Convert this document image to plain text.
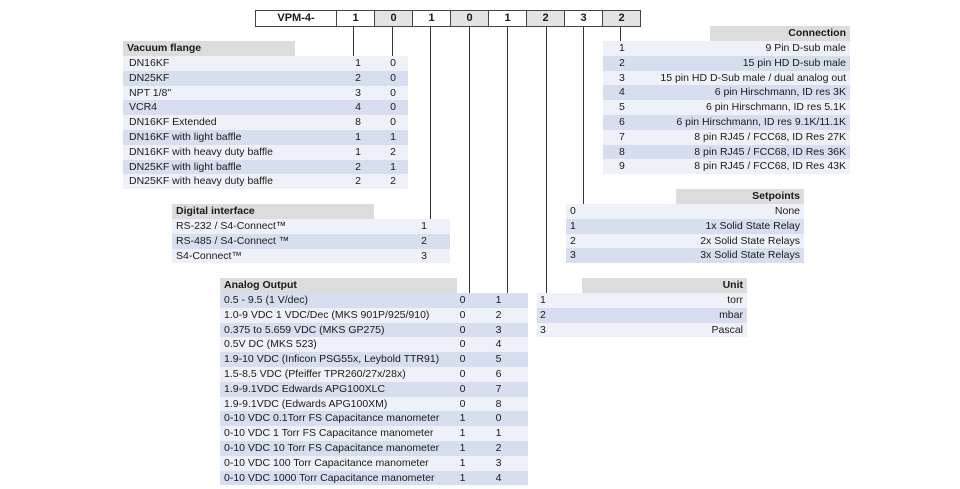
VPM-4-	1	0	1	0	1	2	3	2
Vacuum flange
DN16KF	1	0
DN25KF	2	0
NPT 1/8"	3	0
VCR4	4	0
DN16KF Extended	8	0
DN16KF with light baffle	1	1
DN16KF with heavy duty baffle	1	2
DN25KF with light baffle	2	1
DN25KF with heavy duty baffle	2	2
Digital interface
RS-232 / S4-Connect™	1
RS-485 / S4-Connect ™	2
S4-Connect™	3
Analog Output
0.5 - 9.5 (1 V/dec)	0	1
1.0-9 VDC 1 VDC/Dec (MKS 901P/925/910)	0	2
0.375 to 5.659 VDC (MKS GP275)	0	3
0.5V DC (MKS 523)	0	4
1.9-10 VDC (Inficon PSG55x, Leybold TTR91)	0	5
1.5-8.5 VDC (Pfeiffer TPR260/27x/28x)	0	6
1.9-9.1VDC Edwards APG100XLC	0	7
1.9-9.1VDC (Edwards APG100XM)	0	8
0-10 VDC 0.1Torr FS Capacitance manometer	1	0
0-10 VDC 1 Torr FS Capacitance manometer	1	1
0-10 VDC 10 Torr FS Capacitance manometer	1	2
0-10 VDC 100 Torr Capacitance manometer	1	3
0-10 VDC 1000 Torr Capacitance manometer	1	4
Unit
1	torr
2	mbar
3	Pascal
Setpoints
0	None
1	1x Solid State Relay
2	2x Solid State Relays
3	3x Solid State Relays
Connection
1	9 Pin D-sub male
2	15 pin HD D-sub male
3	15 pin HD D-Sub male / dual analog out
4	6 pin Hirschmann, ID res 3K
5	6 pin Hirschmann, ID res 5.1K
6	6 pin Hirschmann, ID res 9.1K/11.1K
7	8 pin RJ45 / FCC68, ID Res 27K
8	8 pin RJ45 / FCC68, ID Res 36K
9	8 pin RJ45 / FCC68, ID Res 43K
